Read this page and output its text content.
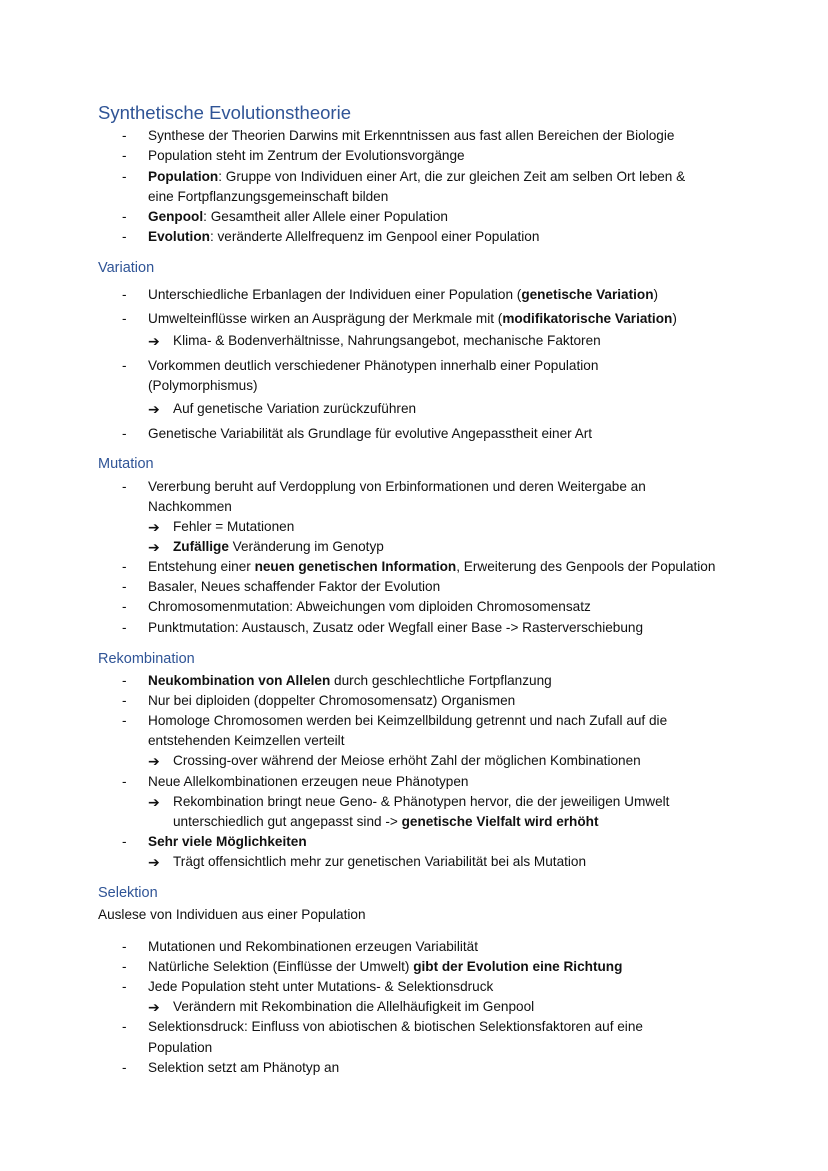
Synthetische Evolutionstheorie
- Synthese der Theorien Darwins mit Erkenntnissen aus fast allen Bereichen der Biologie
- Population steht im Zentrum der Evolutionsvorgänge
- Population: Gruppe von Individuen einer Art, die zur gleichen Zeit am selben Ort leben &
eine Fortpflanzungsgemeinschaft bilden
- Genpool: Gesamtheit aller Allele einer Population
- Evolution: veränderte Allelfrequenz im Genpool einer Population
Variation
- Unterschiedliche Erbanlagen der Individuen einer Population (genetische Variation)
- Umwelteinflüsse wirken an Ausprägung der Merkmale mit (modifikatorische Variation)
➔ Klima- & Bodenverhältnisse, Nahrungsangebot, mechanische Faktoren
- Vorkommen deutlich verschiedener Phänotypen innerhalb einer Population
(Polymorphismus)
➔ Auf genetische Variation zurückzuführen
- Genetische Variabilität als Grundlage für evolutive Angepasstheit einer Art
Mutation
- Vererbung beruht auf Verdopplung von Erbinformationen und deren Weitergabe an
Nachkommen
➔ Fehler = Mutationen
➔ Zufällige Veränderung im Genotyp
- Entstehung einer neuen genetischen Information, Erweiterung des Genpools der Population
- Basaler, Neues schaffender Faktor der Evolution
- Chromosomenmutation: Abweichungen vom diploiden Chromosomensatz
- Punktmutation: Austausch, Zusatz oder Wegfall einer Base -> Rasterverschiebung
Rekombination
- Neukombination von Allelen durch geschlechtliche Fortpflanzung
- Nur bei diploiden (doppelter Chromosomensatz) Organismen
- Homologe Chromosomen werden bei Keimzellbildung getrennt und nach Zufall auf die
entstehenden Keimzellen verteilt
➔ Crossing-over während der Meiose erhöht Zahl der möglichen Kombinationen
- Neue Allelkombinationen erzeugen neue Phänotypen
➔ Rekombination bringt neue Geno- & Phänotypen hervor, die der jeweiligen Umwelt
unterschiedlich gut angepasst sind -> genetische Vielfalt wird erhöht
- Sehr viele Möglichkeiten
➔ Trägt offensichtlich mehr zur genetischen Variabilität bei als Mutation
Selektion
Auslese von Individuen aus einer Population
- Mutationen und Rekombinationen erzeugen Variabilität
- Natürliche Selektion (Einflüsse der Umwelt) gibt der Evolution eine Richtung
- Jede Population steht unter Mutations- & Selektionsdruck
➔ Verändern mit Rekombination die Allelhäufigkeit im Genpool
- Selektionsdruck: Einfluss von abiotischen & biotischen Selektionsfaktoren auf eine
Population
- Selektion setzt am Phänotyp an
